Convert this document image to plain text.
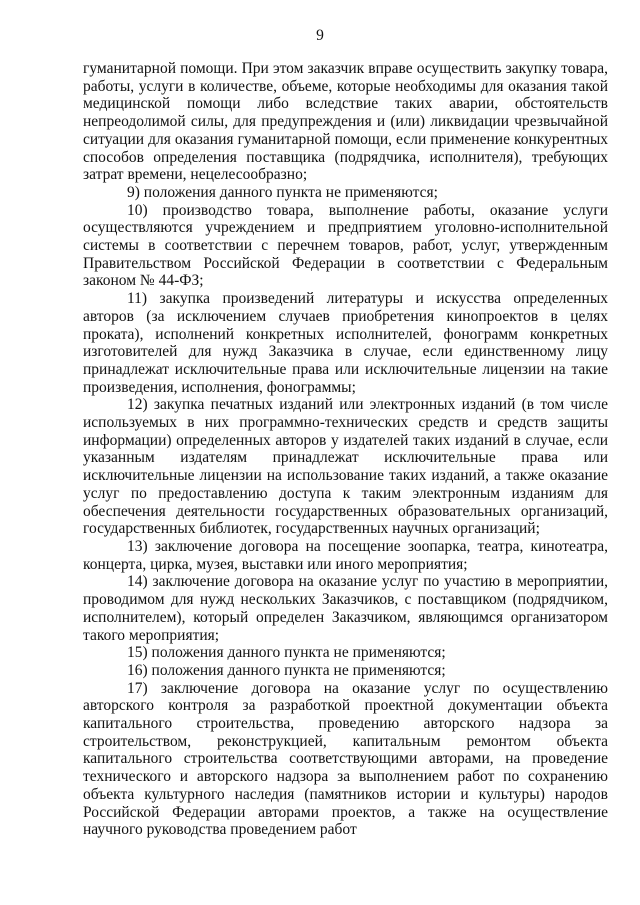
9

гуманитарной помощи. При этом заказчик вправе осуществить закупку товара, работы, услуги в количестве, объеме, которые необходимы для оказания такой медицинской помощи либо вследствие таких аварии, обстоятельств непреодолимой силы, для предупреждения и (или) ликвидации чрезвычайной ситуации для оказания гуманитарной помощи, если применение конкурентных способов определения поставщика (подрядчика, исполнителя), требующих затрат времени, нецелесообразно;

9) положения данного пункта не применяются;

10) производство товара, выполнение работы, оказание услуги осуществляются учреждением и предприятием уголовно-исполнительной системы в соответствии с перечнем товаров, работ, услуг, утвержденным Правительством Российской Федерации в соответствии с Федеральным законом № 44-ФЗ;

11) закупка произведений литературы и искусства определенных авторов (за исключением случаев приобретения кинопроектов в целях проката), исполнений конкретных исполнителей, фонограмм конкретных изготовителей для нужд Заказчика в случае, если единственному лицу принадлежат исключительные права или исключительные лицензии на такие произведения, исполнения, фонограммы;

12) закупка печатных изданий или электронных изданий (в том числе используемых в них программно-технических средств и средств защиты информации) определенных авторов у издателей таких изданий в случае, если указанным издателям принадлежат исключительные права или исключительные лицензии на использование таких изданий, а также оказание услуг по предоставлению доступа к таким электронным изданиям для обеспечения деятельности государственных образовательных организаций, государственных библиотек, государственных научных организаций;

13) заключение договора на посещение зоопарка, театра, кинотеатра, концерта, цирка, музея, выставки или иного мероприятия;

14) заключение договора на оказание услуг по участию в мероприятии, проводимом для нужд нескольких Заказчиков, с поставщиком (подрядчиком, исполнителем), который определен Заказчиком, являющимся организатором такого мероприятия;

15) положения данного пункта не применяются;

16) положения данного пункта не применяются;

17) заключение договора на оказание услуг по осуществлению авторского контроля за разработкой проектной документации объекта капитального строительства, проведению авторского надзора за строительством, реконструкцией, капитальным ремонтом объекта капитального строительства соответствующими авторами, на проведение технического и авторского надзора за выполнением работ по сохранению объекта культурного наследия (памятников истории и культуры) народов Российской Федерации авторами проектов, а также на осуществление научного руководства проведением работ
